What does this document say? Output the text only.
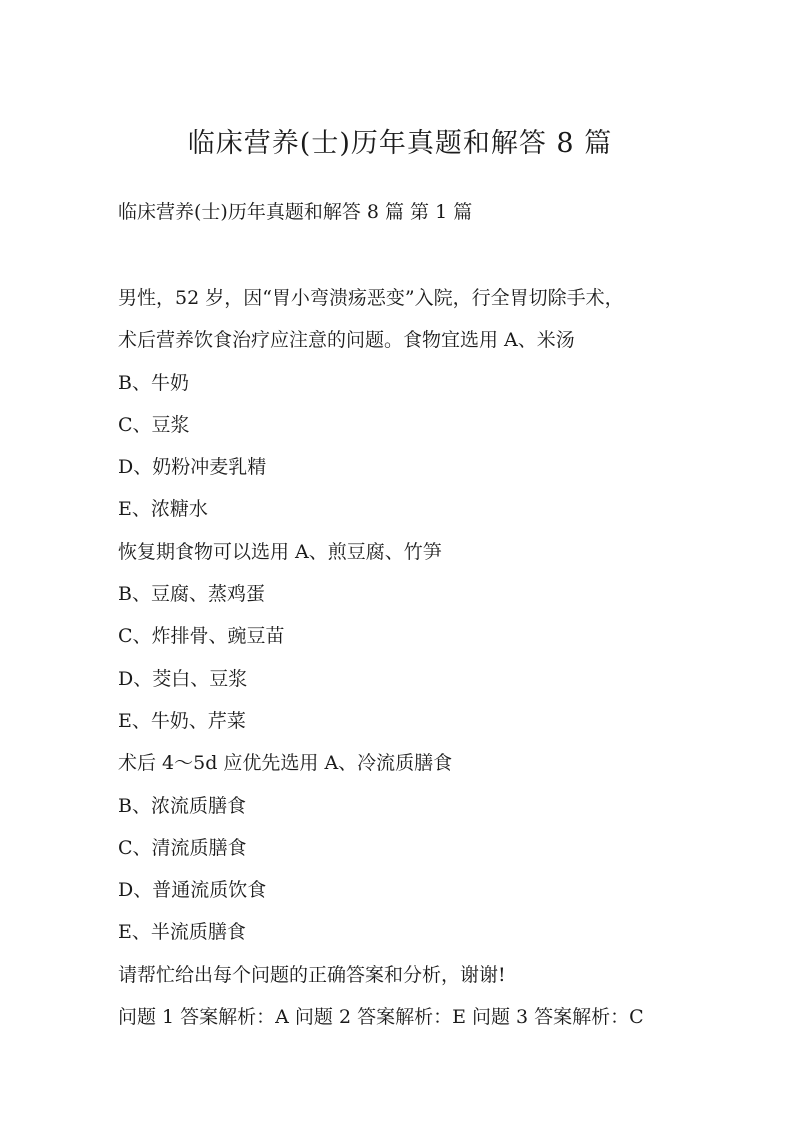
临床营养(士)历年真题和解答 8 篇
临床营养(士)历年真题和解答 8 篇 第 1 篇
男性，52 岁，因“胃小弯溃疡恶变”入院，行全胃切除手术，
术后营养饮食治疗应注意的问题。食物宜选用 A、米汤
B、牛奶
C、豆浆
D、奶粉冲麦乳精
E、浓糖水
恢复期食物可以选用 A、煎豆腐、竹笋
B、豆腐、蒸鸡蛋
C、炸排骨、豌豆苗
D、茭白、豆浆
E、牛奶、芹菜
术后 4～5d 应优先选用 A、冷流质膳食
B、浓流质膳食
C、清流质膳食
D、普通流质饮食
E、半流质膳食
请帮忙给出每个问题的正确答案和分析，谢谢!
问题 1 答案解析：A 问题 2 答案解析：E 问题 3 答案解析：C
